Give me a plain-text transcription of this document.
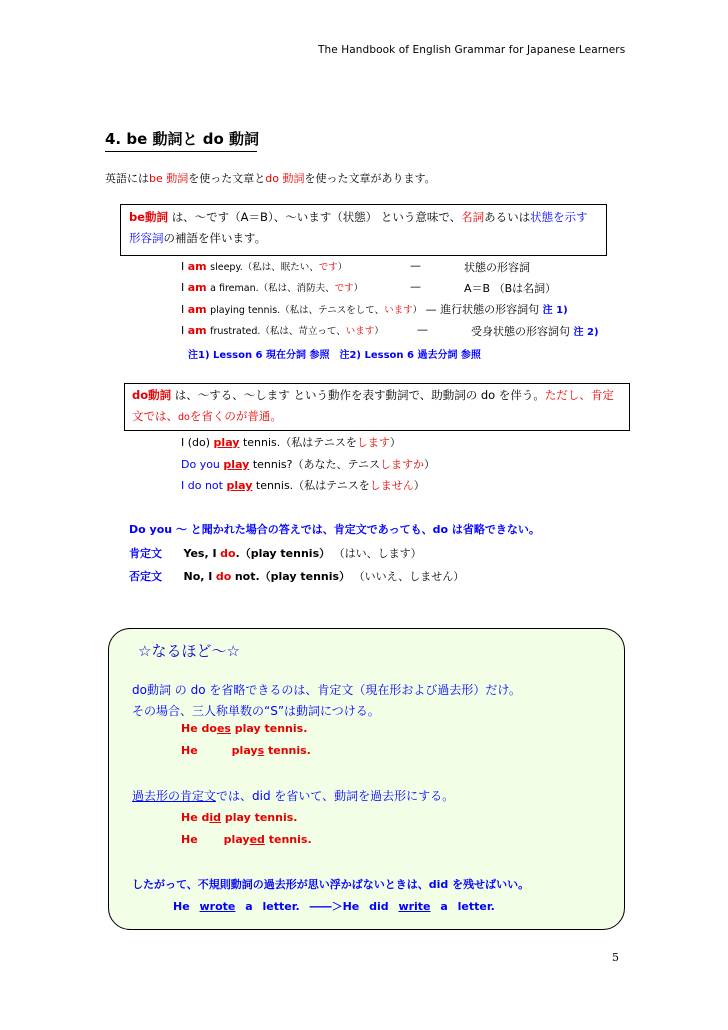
The Handbook of English Grammar for Japanese Learners
4. be 動詞と do 動詞
英語にはbe 動詞を使った文章とdo 動詞を使った文章があります。
be動詞 は、～です（A＝B）、～います（状態） という意味で、名詞あるいは状態を示す
形容詞の補語を伴います。
I am sleepy.（私は、眠たい、です）	—	状態の形容詞
I am a fireman.（私は、消防夫、です）	—	A＝B （Bは名詞）
I am playing tennis.（私は、テニスをして、います） — 進行状態の形容詞句 注 1)
I am frustrated.（私は、苛立って、います）	—	受身状態の形容詞句 注 2)
注1) Lesson 6 現在分詞 参照　注2) Lesson 6 過去分詞 参照
do動詞 は、～する、～します という動作を表す動詞で、助動詞の do を伴う。ただし、肯定
文では、doを省くのが普通。
I (do) play tennis.（私はテニスをします）
Do you play tennis?（あなた、テニスしますか）
I do not play tennis.（私はテニスをしません）
Do you ～ と聞かれた場合の答えでは、肯定文であっても、do は省略できない。
肯定文 Yes, I do.（play tennis） （はい、します）
否定文 No, I do not.（play tennis） （いいえ、しません）
☆なるほど～☆
do動詞 の do を省略できるのは、肯定文（現在形および過去形）だけ。
その場合、三人称単数の“S”は動詞につける。
He does play tennis.
He	plays tennis.
過去形の肯定文では、did を省いて、動詞を過去形にする。
He did play tennis.
He played tennis.
したがって、不規則動詞の過去形が思い浮かばないときは、did を残せばいい。
He wrote a letter. ――＞He did write a letter.
5
